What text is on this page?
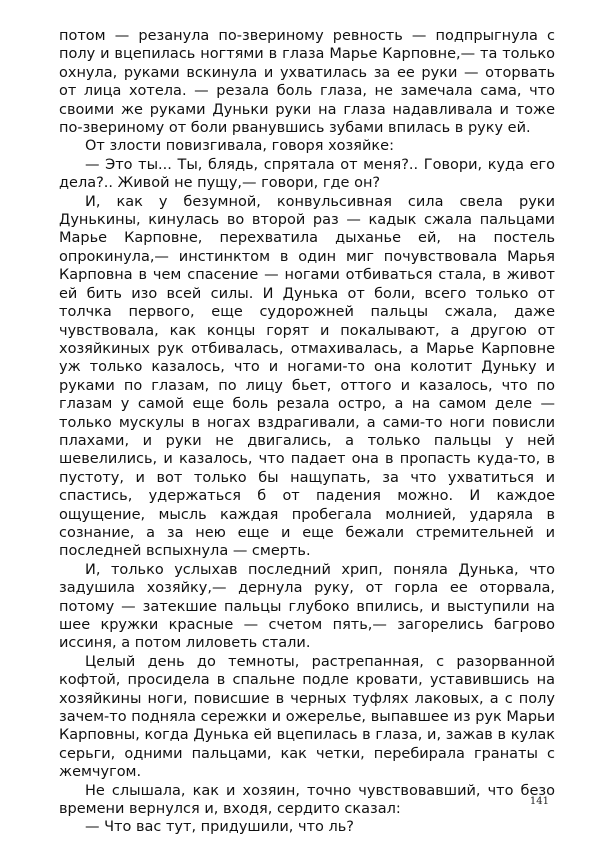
потом — резанула по-звериному ревность — подпрыгнула с полу и вцепилась ногтями в глаза Марье Карповне,— та только охнула, руками вскинула и ухватилась за ее руки — оторвать от лица хотела. — резала боль глаза, не замечала сама, что своими же руками Дуньки руки на глаза надавливала и тоже по-звериному от боли рванувшись зубами впилась в руку ей.

От злости повизгивала, говоря хозяйке:

— Это ты... Ты, блядь, спрятала от меня?.. Говори, куда его дела?.. Живой не пущу,— говори, где он?

И, как у безумной, конвульсивная сила свела руки Дунькины, кинулась во второй раз — кадык сжала пальцами Марье Карповне, перехватила дыханье ей, на постель опрокинула,— инстинктом в один миг почувствовала Марья Карповна в чем спасение — ногами отбиваться стала, в живот ей бить изо всей силы. И Дунька от боли, всего только от толчка первого, еще судорожней пальцы сжала, даже чувствовала, как концы горят и покалывают, а другою от хозяйкиных рук отбивалась, отмахивалась, а Марье Карповне уж только казалось, что и ногами-то она колотит Дуньку и руками по глазам, по лицу бьет, оттого и казалось, что по глазам у самой еще боль резала остро, а на самом деле — только мускулы в ногах вздрагивали, а сами-то ноги повисли плахами, и руки не двигались, а только пальцы у ней шевелились, и казалось, что падает она в пропасть куда-то, в пустоту, и вот только бы нащупать, за что ухватиться и спастись, удержаться б от падения можно. И каждое ощущение, мысль каждая пробегала молнией, ударяла в сознание, а за нею еще и еще бежали стремительней и последней вспыхнула — смерть.

И, только услыхав последний хрип, поняла Дунька, что задушила хозяйку,— дернула руку, от горла ее оторвала, потому — затекшие пальцы глубоко впились, и выступили на шее кружки красные — счетом пять,— загорелись багрово иссиня, а потом лиловеть стали.

Целый день до темноты, растрепанная, с разорванной кофтой, просидела в спальне подле кровати, уставившись на хозяйкины ноги, повисшие в черных туфлях лаковых, а с полу зачем-то подняла сережки и ожерелье, выпавшее из рук Марьи Карповны, когда Дунька ей вцепилась в глаза, и, зажав в кулак серьги, одними пальцами, как четки, перебирала гранаты с жемчугом.

Не слышала, как и хозяин, точно чувствовавший, что безо времени вернулся и, входя, сердито сказал:

— Что вас тут, придушили, что ль?

141
